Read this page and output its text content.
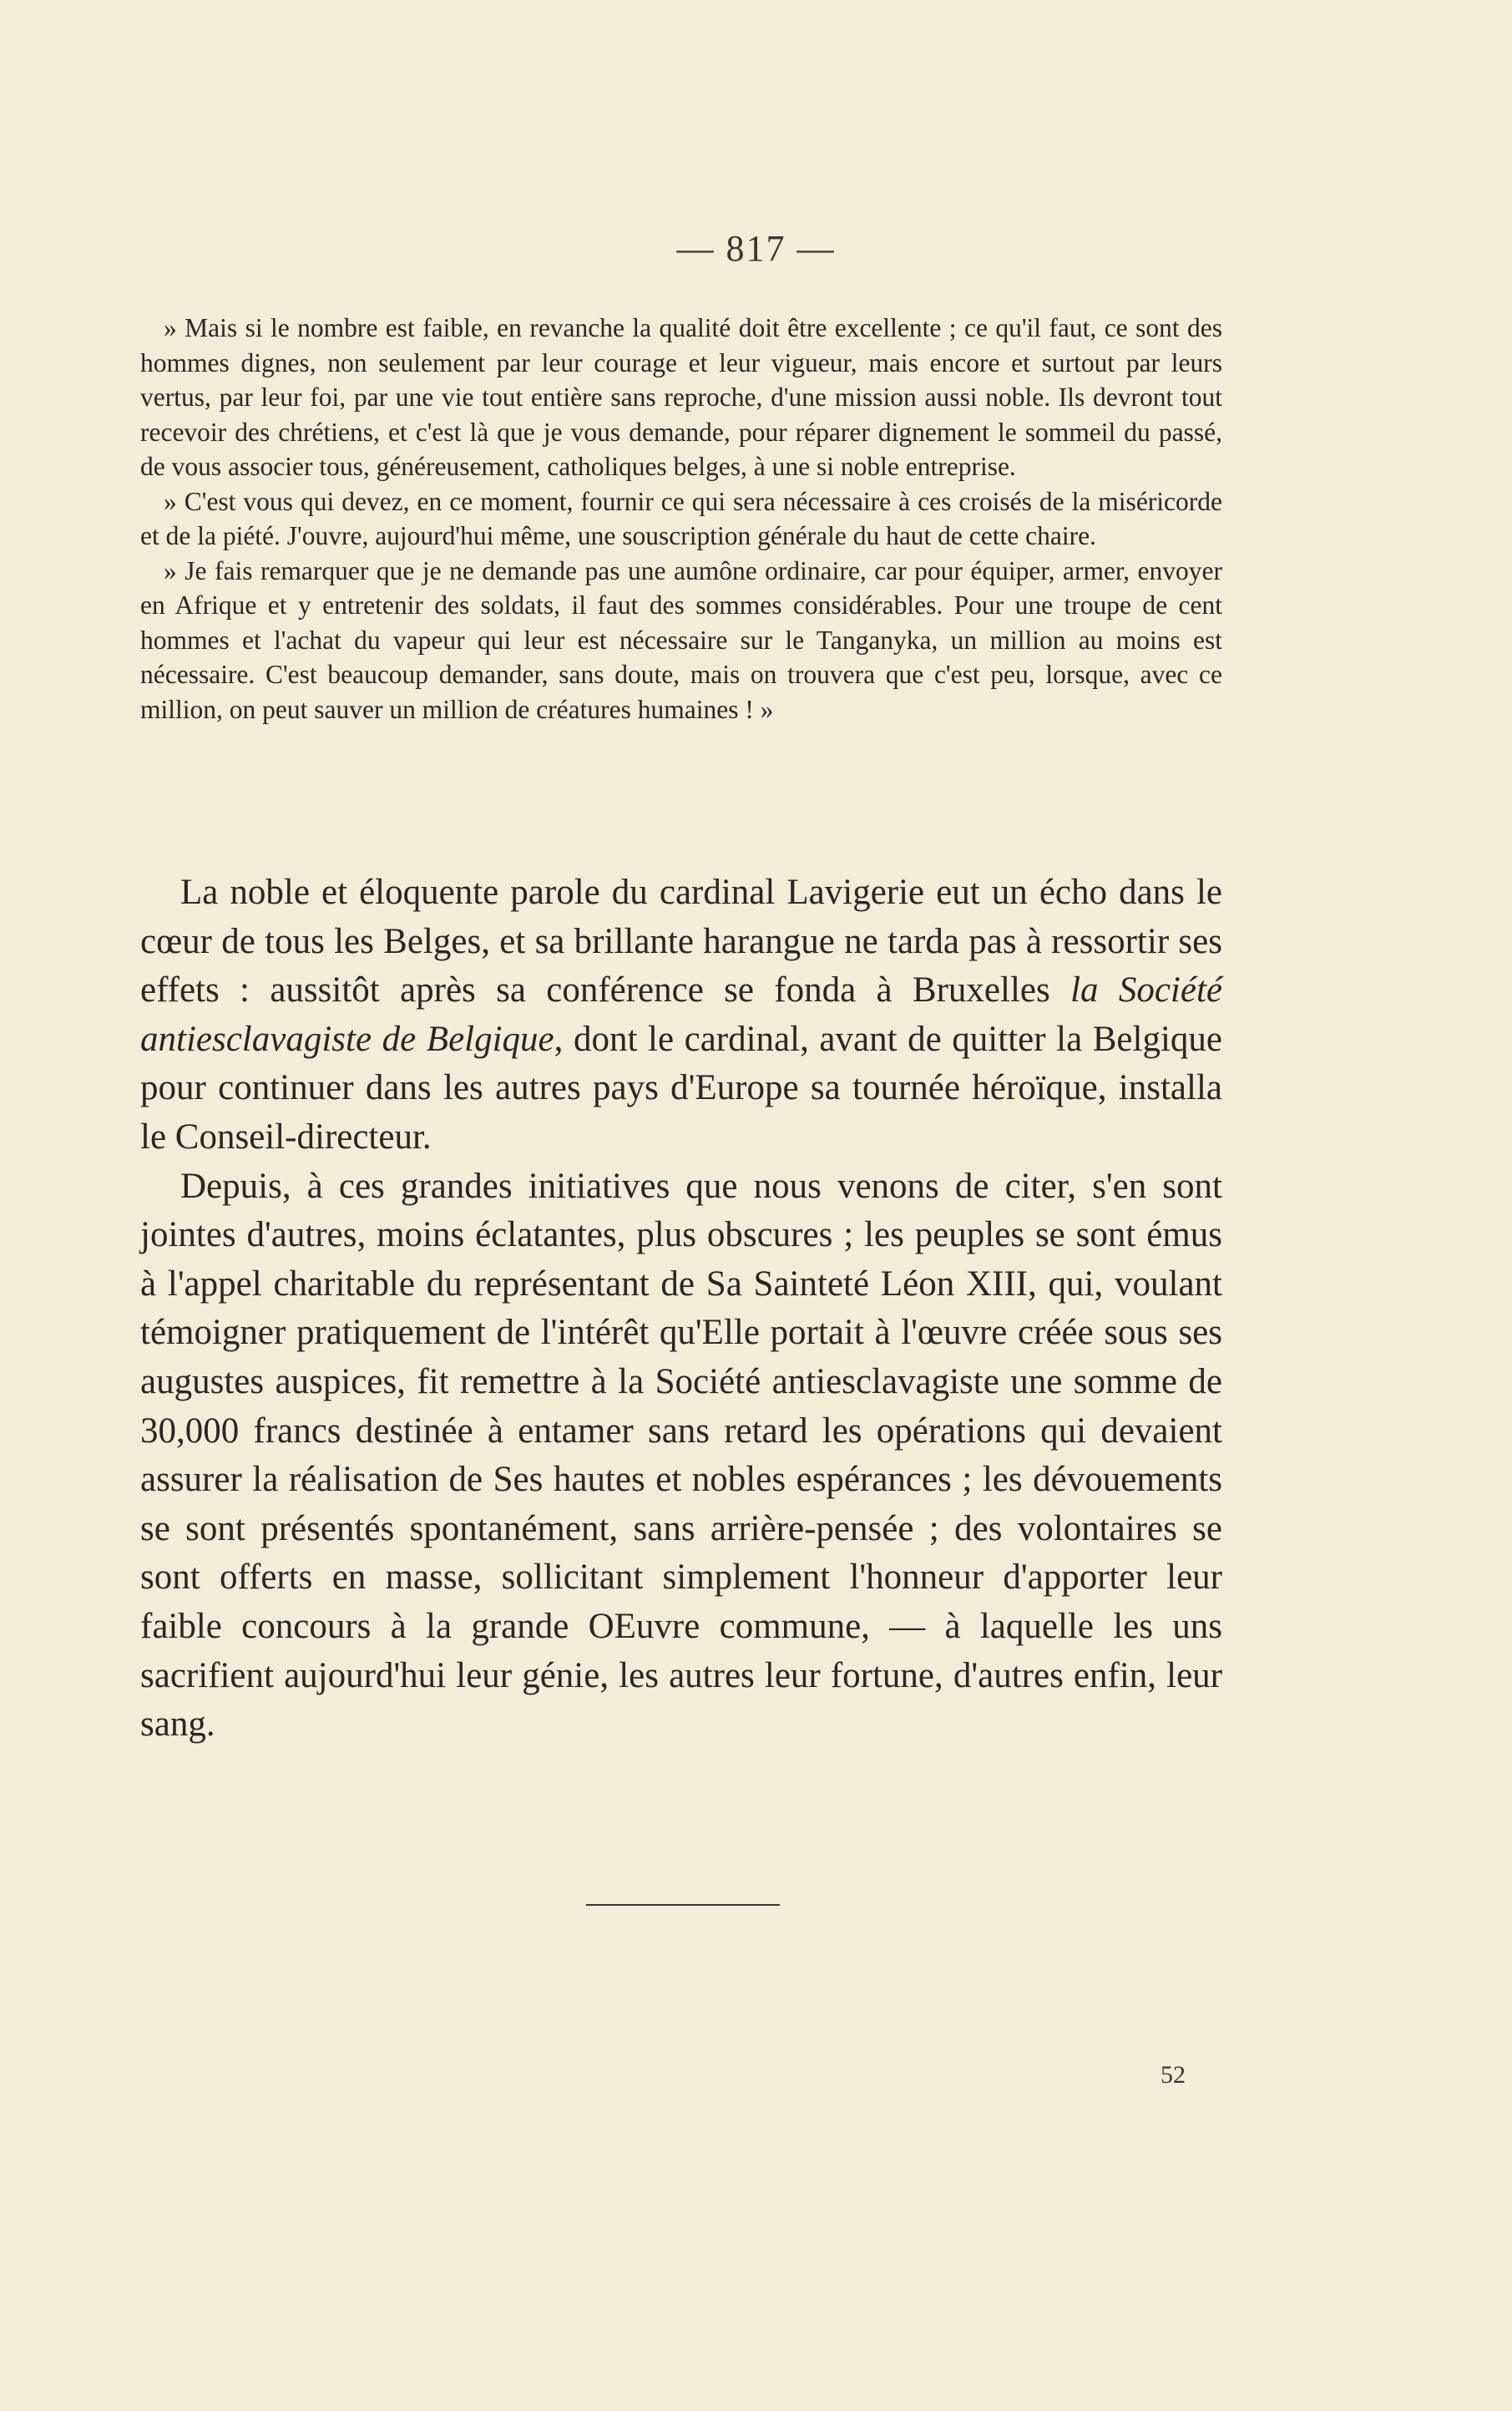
— 817 —

» Mais si le nombre est faible, en revanche la qualité doit être excellente ; ce qu'il faut, ce sont des hommes dignes, non seulement par leur courage et leur vigueur, mais encore et surtout par leurs vertus, par leur foi, par une vie tout entière sans reproche, d'une mission aussi noble. Ils devront tout recevoir des chrétiens, et c'est là que je vous demande, pour réparer dignement le sommeil du passé, de vous associer tous, généreusement, catholiques belges, à une si noble entreprise.

» C'est vous qui devez, en ce moment, fournir ce qui sera nécessaire à ces croisés de la miséricorde et de la piété. J'ouvre, aujourd'hui même, une souscription générale du haut de cette chaire.

» Je fais remarquer que je ne demande pas une aumône ordinaire, car pour équiper, armer, envoyer en Afrique et y entretenir des soldats, il faut des sommes considérables. Pour une troupe de cent hommes et l'achat du vapeur qui leur est nécessaire sur le Tanganyka, un million au moins est nécessaire. C'est beaucoup demander, sans doute, mais on trouvera que c'est peu, lorsque, avec ce million, on peut sauver un million de créatures humaines ! »

La noble et éloquente parole du cardinal Lavigerie eut un écho dans le cœur de tous les Belges, et sa brillante harangue ne tarda pas à ressortir ses effets : aussitôt après sa conférence se fonda à Bruxelles la Société antiesclavagiste de Belgique, dont le cardinal, avant de quitter la Belgique pour continuer dans les autres pays d'Europe sa tournée héroïque, installa le Conseil-directeur.

Depuis, à ces grandes initiatives que nous venons de citer, s'en sont jointes d'autres, moins éclatantes, plus obscures ; les peuples se sont émus à l'appel charitable du représentant de Sa Sainteté Léon XIII, qui, voulant témoigner pratiquement de l'intérêt qu'Elle portait à l'œuvre créée sous ses augustes auspices, fit remettre à la Société antiesclavagiste une somme de 30,000 francs destinée à entamer sans retard les opérations qui devaient assurer la réalisation de Ses hautes et nobles espérances ; les dévouements se sont présentés spontanément, sans arrière-pensée ; des volontaires se sont offerts en masse, sollicitant simplement l'honneur d'apporter leur faible concours à la grande OEuvre commune, — à laquelle les uns sacrifient aujourd'hui leur génie, les autres leur fortune, d'autres enfin, leur sang.

52
